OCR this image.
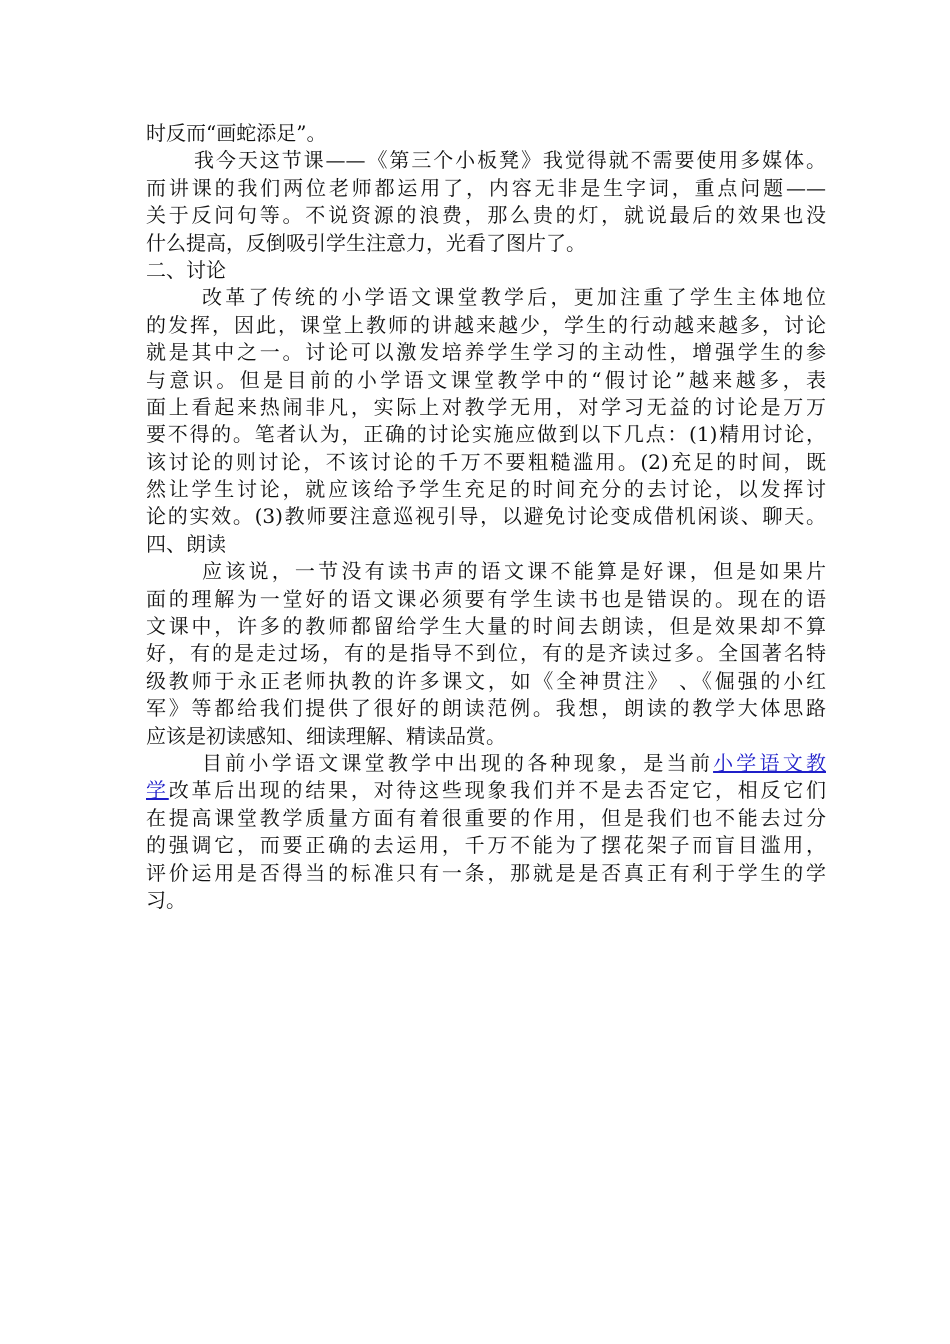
时反而“画蛇添足”。
我今天这节课——《第三个小板凳》我觉得就不需要使用多媒体。
而讲课的我们两位老师都运用了，内容无非是生字词，重点问题——
关于反问句等。不说资源的浪费，那么贵的灯，就说最后的效果也没
什么提高，反倒吸引学生注意力，光看了图片了。
二、讨论
改革了传统的小学语文课堂教学后，更加注重了学生主体地位
的发挥，因此，课堂上教师的讲越来越少，学生的行动越来越多，讨论
就是其中之一。讨论可以激发培养学生学习的主动性，增强学生的参
与意识。但是目前的小学语文课堂教学中的“假讨论”越来越多，表
面上看起来热闹非凡，实际上对教学无用，对学习无益的讨论是万万
要不得的。笔者认为，正确的讨论实施应做到以下几点：(1)精用讨论，
该讨论的则讨论，不该讨论的千万不要粗糙滥用。(2)充足的时间，既
然让学生讨论，就应该给予学生充足的时间充分的去讨论，以发挥讨
论的实效。(3)教师要注意巡视引导，以避免讨论变成借机闲谈、聊天。
四、朗读
应该说，一节没有读书声的语文课不能算是好课，但是如果片
面的理解为一堂好的语文课必须要有学生读书也是错误的。现在的语
文课中，许多的教师都留给学生大量的时间去朗读，但是效果却不算
好，有的是走过场，有的是指导不到位，有的是齐读过多。全国著名特
级教师于永正老师执教的许多课文，如《全神贯注》 、《倔强的小红
军》等都给我们提供了很好的朗读范例。我想，朗读的教学大体思路
应该是初读感知、细读理解、精读品赏。
目前小学语文课堂教学中出现的各种现象，是当前小学语文教
学改革后出现的结果，对待这些现象我们并不是去否定它，相反它们
在提高课堂教学质量方面有着很重要的作用，但是我们也不能去过分
的强调它，而要正确的去运用，千万不能为了摆花架子而盲目滥用，
评价运用是否得当的标准只有一条，那就是是否真正有利于学生的学
习。
